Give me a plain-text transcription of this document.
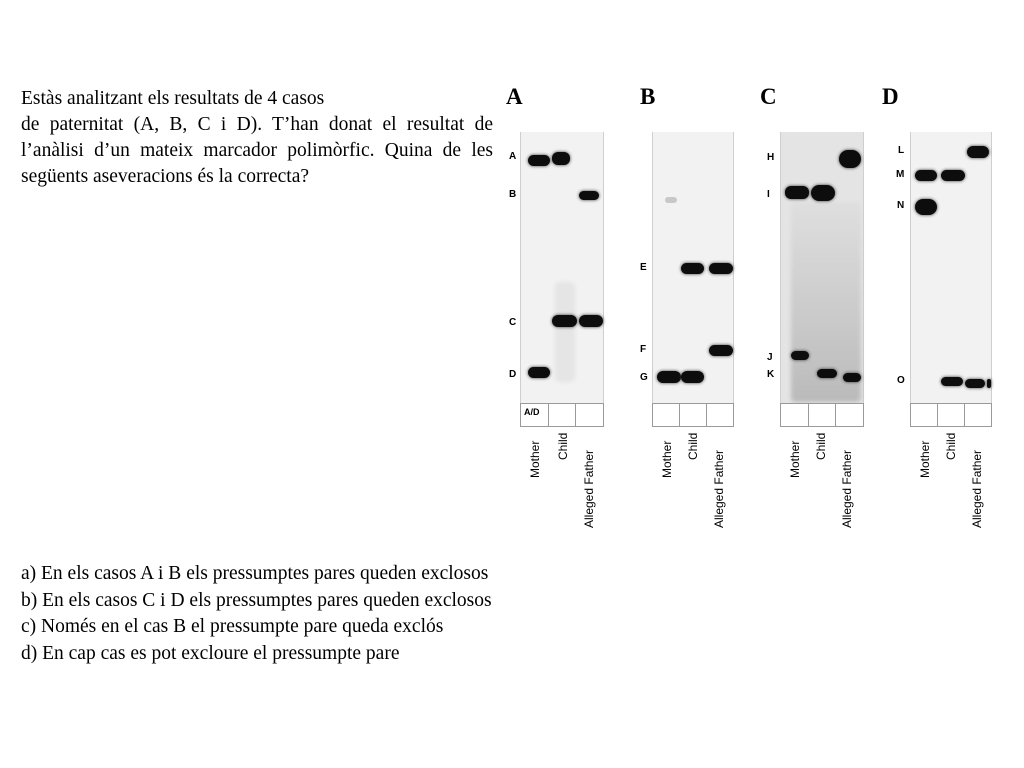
Estàs analitzant els resultats de 4 casos
de paternitat (A, B, C i D). T’han donat el resultat de l’anàlisi d’un mateix marcador polimòrfic. Quina de les següents aseveracions és la correcta?
a) En els casos A i B els pressumptes pares queden exclosos
b) En els casos C i D els pressumptes pares queden exclosos
c) Només en el cas B el pressumpte pare queda exclós
d) En cap cas es pot excloure el pressumpte pare
A
A
B
C
D
A/D
Mother Child
Alleged Father
B
E
F
G
Mother Child
Alleged Father
C
H
I
J
K
Mother Child
Alleged Father
D
L
M
N
O
Mother Child
Alleged Father
